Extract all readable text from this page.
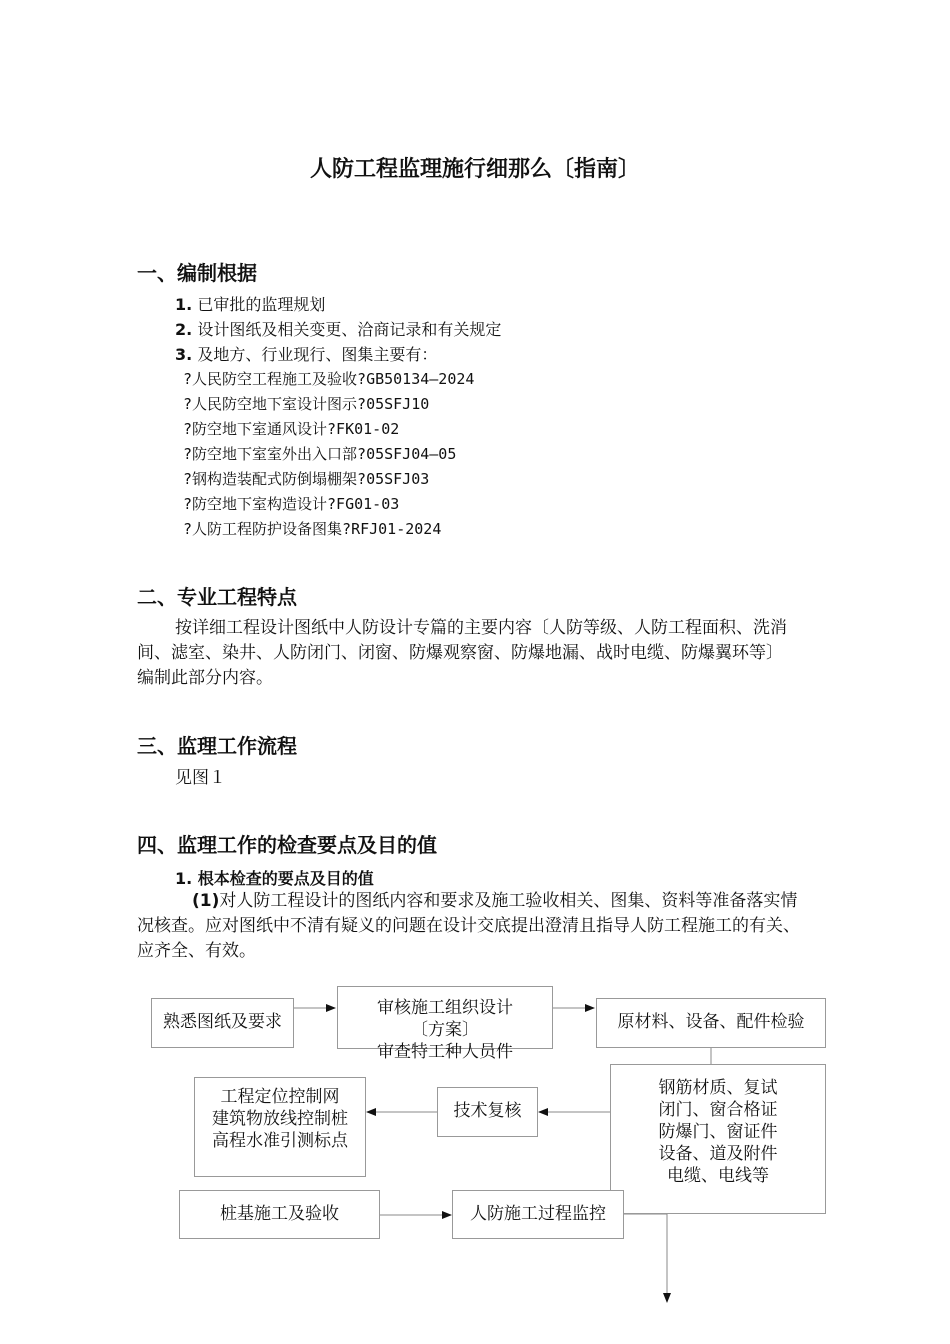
人防工程监理施行细那么〔指南〕
一、编制根据
1. 已审批的监理规划
2. 设计图纸及相关变更、洽商记录和有关规定
3. 及地方、行业现行、图集主要有：
?人民防空工程施工及验收?GB50134—2024
?人民防空地下室设计图示?05SFJ10
?防空地下室通风设计?FK01-02
?防空地下室室外出入口部?05SFJ04—05
?钢构造装配式防倒塌棚架?05SFJ03
?防空地下室构造设计?FG01-03
?人防工程防护设备图集?RFJ01-2024
二、专业工程特点
按详细工程设计图纸中人防设计专篇的主要内容〔人防等级、人防工程面积、洗消间、滤室、染井、人防闭门、闭窗、防爆观察窗、防爆地漏、战时电缆、防爆翼环等〕编制此部分内容。
三、监理工作流程
见图１
四、监理工作的检查要点及目的值
1. 根本检查的要点及目的值
(1)对人防工程设计的图纸内容和要求及施工验收相关、图集、资料等准备落实情况核查。应对图纸中不清有疑义的问题在设计交底提出澄清且指导人防工程施工的有关、应齐全、有效。
熟悉图纸及要求
审核施工组织设计
〔方案〕
审查特工种人员件
原材料、设备、配件检验
钢筋材质、复试
闭门、窗合格证
防爆门、窗证件
设备、道及附件
电缆、电线等
技术复核
工程定位控制网
建筑物放线控制桩
高程水准引测标点
桩基施工及验收	人防施工过程监控
